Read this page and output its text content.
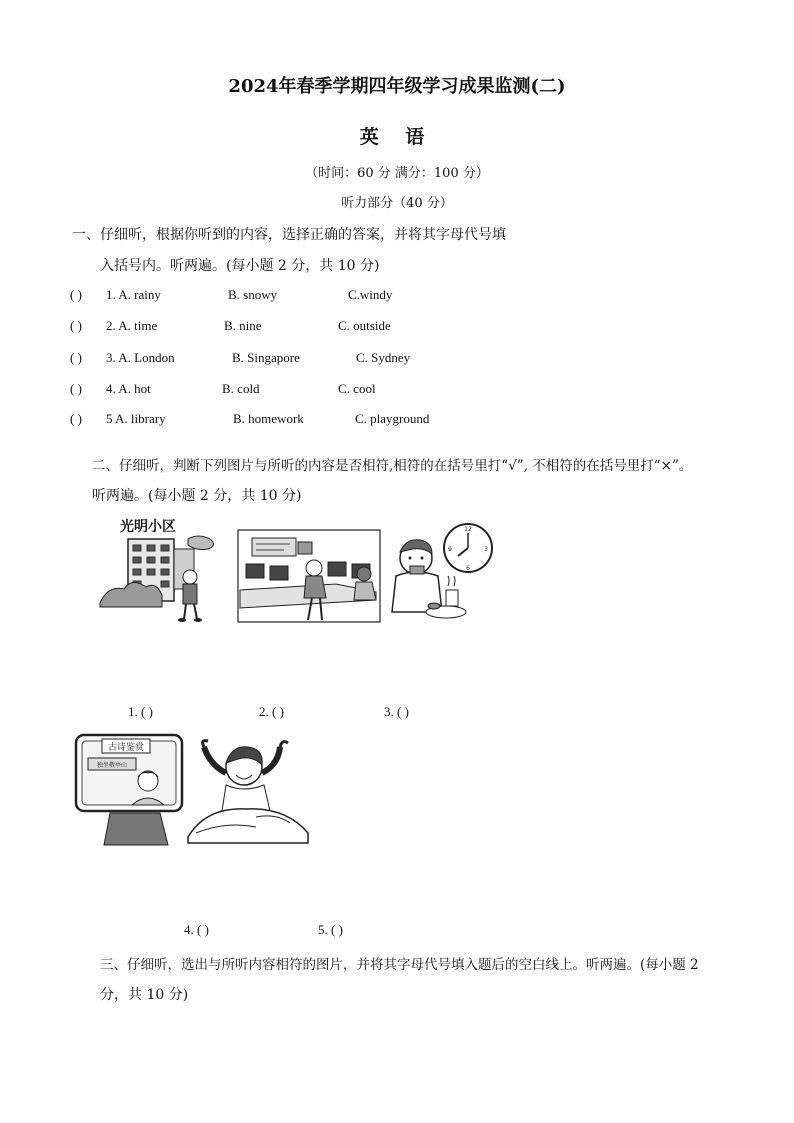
2024年春季学期四年级学习成果监测(二)
英 语
（时间：60 分 满分：100 分）
听力部分（40 分）
一、仔细听，根据你听到的内容，选择正确的答案，并将其字母代号填
入括号内。听两遍。(每小题 2 分，共 10 分)
( ) 1. A. rainy	B. snowy	C.windy
( ) 2. A. time	B. nine	C. outside
( ) 3. A. London	B. Singapore	C. Sydney
( ) 4. A. hot	B. cold	C. cool
( ) 5 A. library	B. homework	C. playground
二、仔细听，判断下列图片与所听的内容是否相符,相符的在括号里打“√”, 不相符的在括号里打“×”。
听两遍。(每小题 2 分，共 10 分)
光明小区	12
3
6
9
1. ( )	2. ( )	3. ( )
古诗鉴赏
独坐敬亭山
4. ( )	5. ( )
三、仔细听，选出与所听内容相符的图片，并将其字母代号填入题后的空白线上。听两遍。(每小题 2
分，共 10 分)
